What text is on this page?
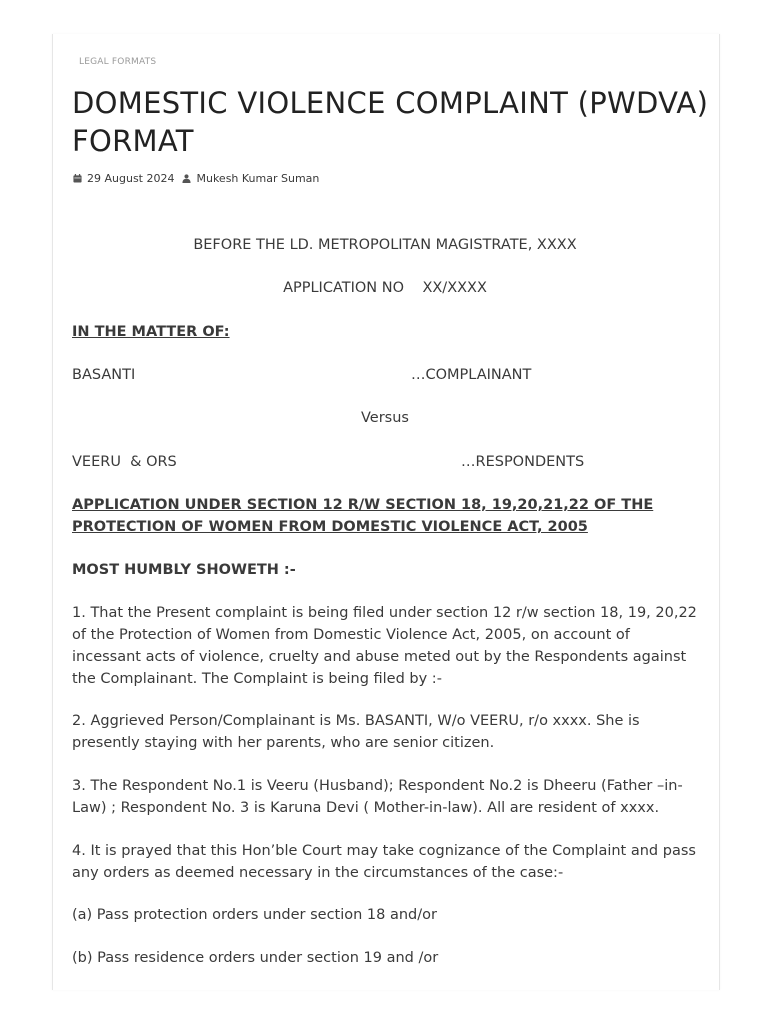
LEGAL FORMATS
DOMESTIC VIOLENCE COMPLAINT (PWDVA) FORMAT
29 August 2024 Mukesh Kumar Suman

BEFORE THE LD. METROPOLITAN MAGISTRATE, XXXX

APPLICATION NO    XX/XXXX

IN THE MATTER OF:

BASANTI	…COMPLAINANT

Versus

VEERU  & ORS	…RESPONDENTS

APPLICATION UNDER SECTION 12 R/W SECTION 18, 19,20,21,22 OF THE PROTECTION OF WOMEN FROM DOMESTIC VIOLENCE ACT, 2005

MOST HUMBLY SHOWETH :-

1. That the Present complaint is being filed under section 12 r/w section 18, 19, 20,22 of the Protection of Women from Domestic Violence Act, 2005, on account of incessant acts of violence, cruelty and abuse meted out by the Respondents against the Complainant. The Complaint is being filed by :-

2. Aggrieved Person/Complainant is Ms. BASANTI, W/o VEERU, r/o xxxx. She is presently staying with her parents, who are senior citizen.

3. The Respondent No.1 is Veeru (Husband); Respondent No.2 is Dheeru (Father –in-Law) ; Respondent No. 3 is Karuna Devi ( Mother-in-law). All are resident of xxxx.

4. It is prayed that this Hon’ble Court may take cognizance of the Complaint and pass any orders as deemed necessary in the circumstances of the case:-

(a) Pass protection orders under section 18 and/or

(b) Pass residence orders under section 19 and /or
